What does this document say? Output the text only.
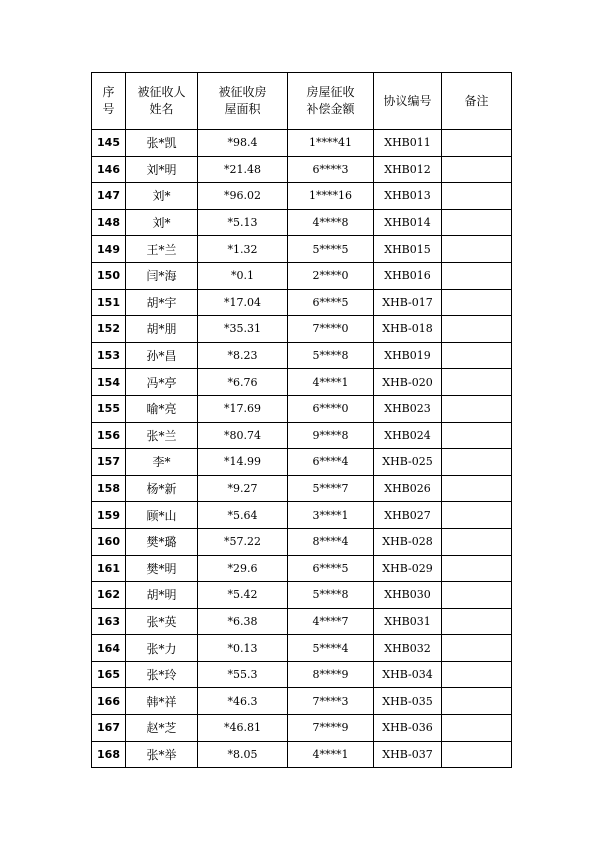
序号	被征收人姓名	被征收房屋面积	房屋征收补偿金额	协议编号	备注
145	张*凯	*98.4	1****41	XHB011	
146	刘*明	*21.48	6****3	XHB012	
147	刘*	*96.02	1****16	XHB013	
148	刘*	*5.13	4****8	XHB014	
149	王*兰	*1.32	5****5	XHB015	
150	闫*海	*0.1	2****0	XHB016	
151	胡*宇	*17.04	6****5	XHB-017	
152	胡*朋	*35.31	7****0	XHB-018	
153	孙*昌	*8.23	5****8	XHB019	
154	冯*亭	*6.76	4****1	XHB-020	
155	喻*亮	*17.69	6****0	XHB023	
156	张*兰	*80.74	9****8	XHB024	
157	李*	*14.99	6****4	XHB-025	
158	杨*新	*9.27	5****7	XHB026	
159	顾*山	*5.64	3****1	XHB027	
160	樊*璐	*57.22	8****4	XHB-028	
161	樊*明	*29.6	6****5	XHB-029	
162	胡*明	*5.42	5****8	XHB030	
163	张*英	*6.38	4****7	XHB031	
164	张*力	*0.13	5****4	XHB032	
165	张*玲	*55.3	8****9	XHB-034	
166	韩*祥	*46.3	7****3	XHB-035	
167	赵*芝	*46.81	7****9	XHB-036	
168	张*举	*8.05	4****1	XHB-037	
